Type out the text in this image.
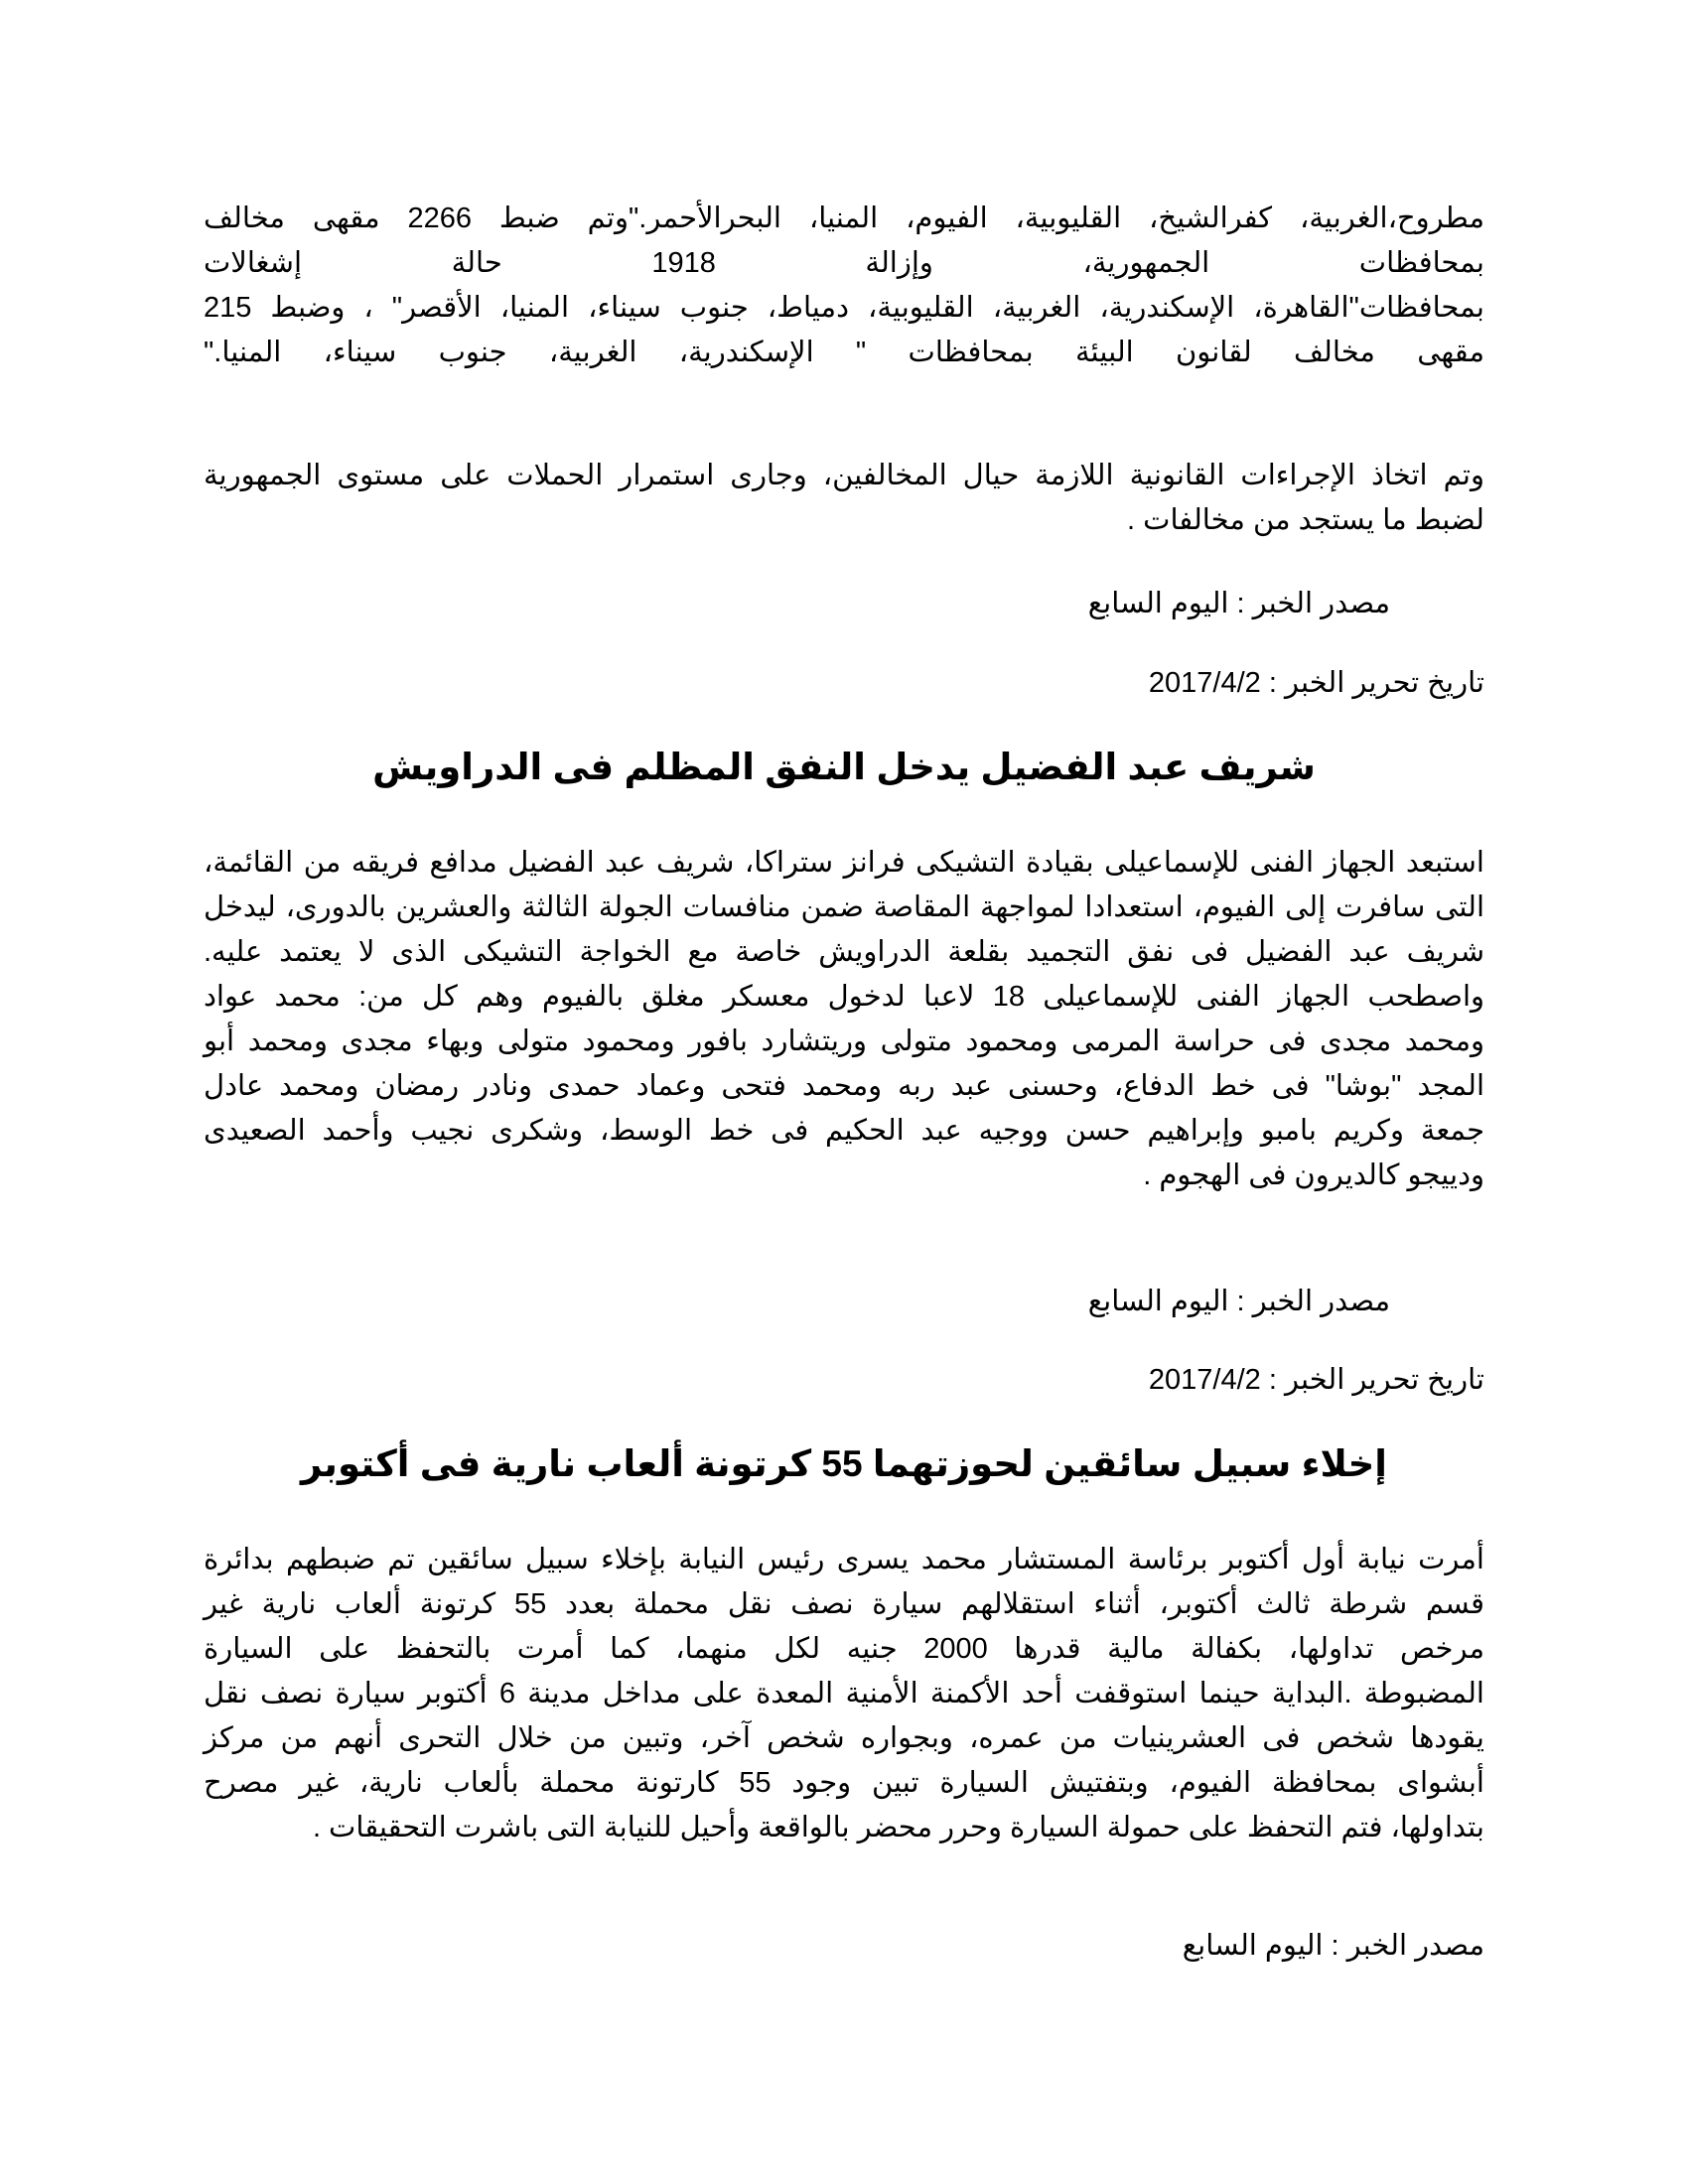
مطروح،الغربية، كفرالشيخ، القليوبية، الفيوم، المنيا، البحرالأحمر."وتم ضبط 2266 مقهى مخالف
بمحافظات الجمهورية، وإزالة 1918 حالة إشغالات
بمحافظات"القاهرة، الإسكندرية، الغربية، القليوبية، دمياط، جنوب سيناء، المنيا، الأقصر" ، وضبط 215
مقهى مخالف لقانون البيئة بمحافظات " الإسكندرية، الغربية، جنوب سيناء، المنيا."
وتم اتخاذ الإجراءات القانونية اللازمة حيال المخالفين، وجارى استمرار الحملات على مستوى الجمهورية
لضبط ما يستجد من مخالفات .

مصدر الخبر : اليوم السابع

تاريخ تحرير الخبر : 2017/4/2

شريف عبد الفضيل يدخل النفق المظلم فى الدراويش
استبعد الجهاز الفنى للإسماعيلى بقيادة التشيكى فرانز ستراكا، شريف عبد الفضيل مدافع فريقه من القائمة،
التى سافرت إلى الفيوم، استعدادا لمواجهة المقاصة ضمن منافسات الجولة الثالثة والعشرين بالدورى، ليدخل
شريف عبد الفضيل فى نفق التجميد بقلعة الدراويش خاصة مع الخواجة التشيكى الذى لا يعتمد عليه.
واصطحب الجهاز الفنى للإسماعيلى 18 لاعبا لدخول معسكر مغلق بالفيوم وهم كل من: محمد عواد
ومحمد مجدى فى حراسة المرمى ومحمود متولى وريتشارد بافور ومحمود متولى وبهاء مجدى ومحمد أبو
المجد "بوشا" فى خط الدفاع، وحسنى عبد ربه ومحمد فتحى وعماد حمدى ونادر رمضان ومحمد عادل
جمعة وكريم بامبو وإبراهيم حسن ووجيه عبد الحكيم فى خط الوسط، وشكرى نجيب وأحمد الصعيدى
ودييجو كالديرون فى الهجوم .

مصدر الخبر : اليوم السابع

تاريخ تحرير الخبر : 2017/4/2

إخلاء سبيل سائقين لحوزتهما 55 كرتونة ألعاب نارية فى أكتوبر
أمرت نيابة أول أكتوبر برئاسة المستشار محمد يسرى رئيس النيابة بإخلاء سبيل سائقين تم ضبطهم بدائرة
قسم شرطة ثالث أكتوبر، أثناء استقلالهم سيارة نصف نقل محملة بعدد 55 كرتونة ألعاب نارية غير
مرخص تداولها، بكفالة مالية قدرها 2000 جنيه لكل منهما، كما أمرت بالتحفظ على السيارة
المضبوطة .البداية حينما استوقفت أحد الأكمنة الأمنية المعدة على مداخل مدينة 6 أكتوبر سيارة نصف نقل
يقودها شخص فى العشرينيات من عمره، وبجواره شخص آخر، وتبين من خلال التحرى أنهم من مركز
أبشواى بمحافظة الفيوم، وبتفتيش السيارة تبين وجود 55 كارتونة محملة بألعاب نارية، غير مصرح
بتداولها، فتم التحفظ على حمولة السيارة وحرر محضر بالواقعة وأحيل للنيابة التى باشرت التحقيقات .

مصدر الخبر : اليوم السابع
